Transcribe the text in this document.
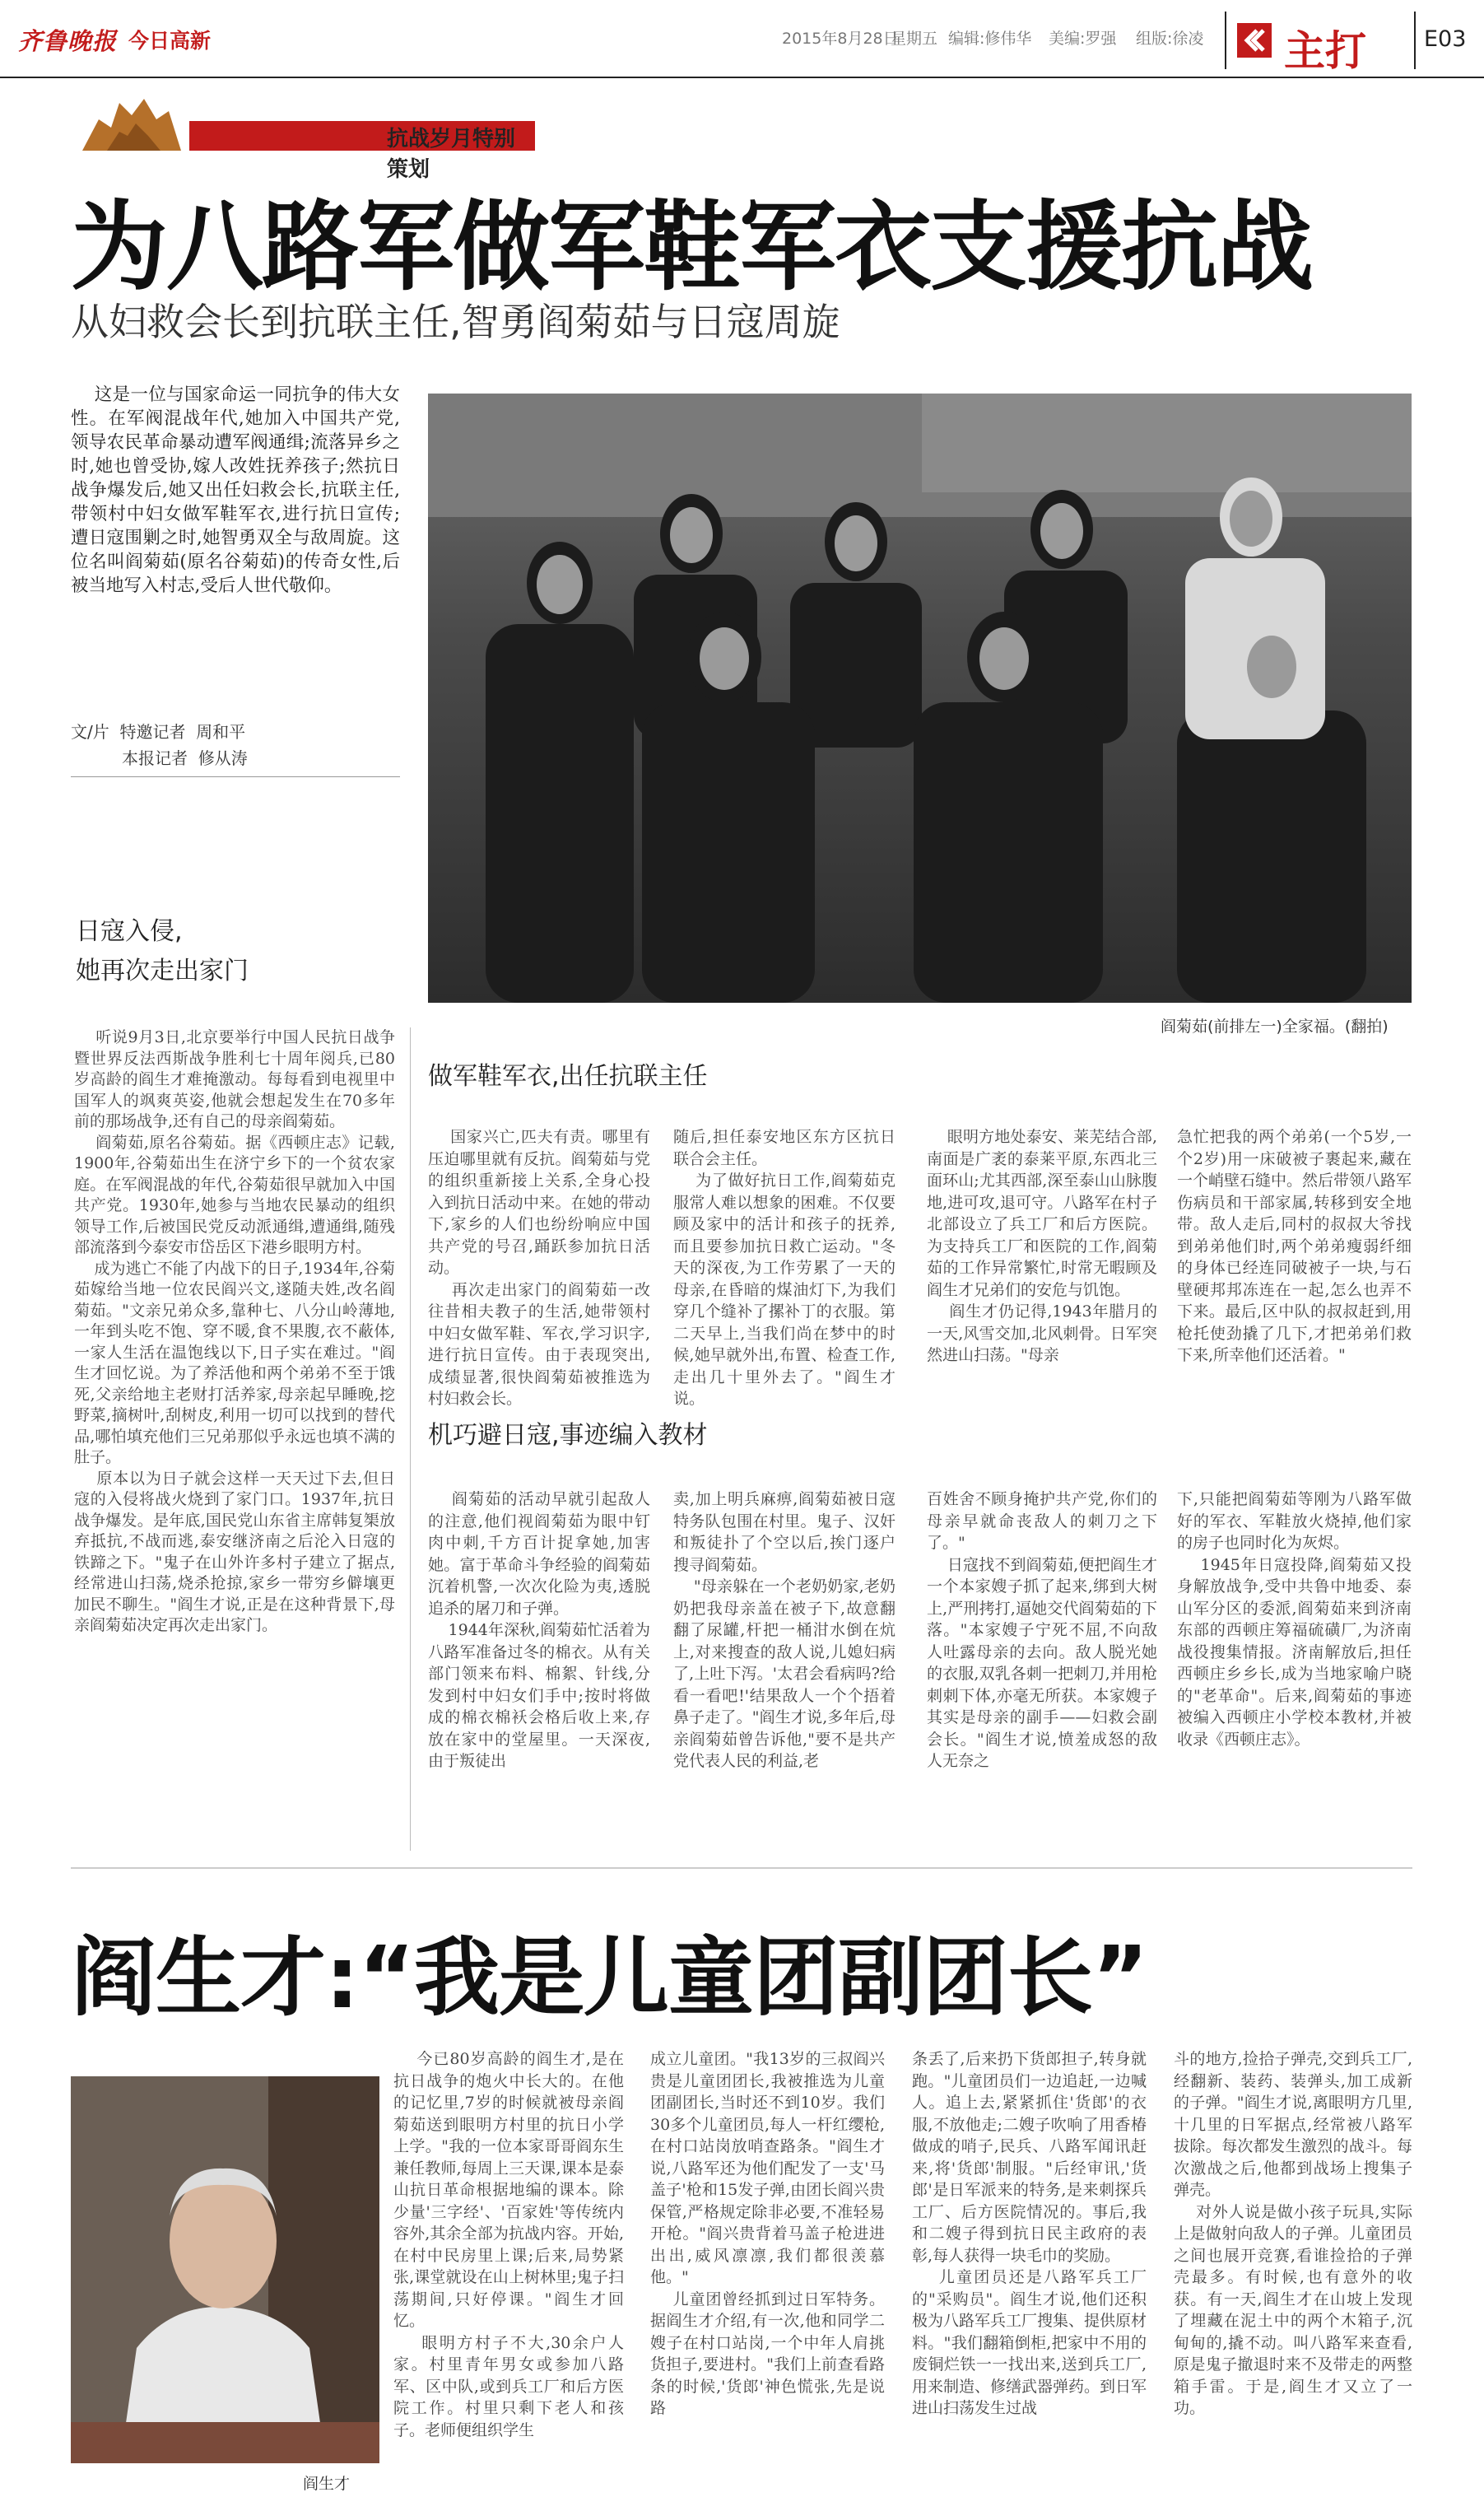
齐鲁晚报 今日高新	2015年8月28日
星期五 编辑:修伟华 美编:罗强 组版:徐凌 主打	E03
抗战岁月特别策划
为八路军做军鞋军衣支援抗战
从妇救会长到抗联主任,智勇阎菊茹与日寇周旋
这是一位与国家命运一同抗争的伟大女性。在军阀混战年代,她加入中国共产党,领导农民革命暴动遭军阀通缉;流落异乡之时,她也曾受协,嫁人改姓抚养孩子;然抗日战争爆发后,她又出任妇救会长,抗联主任,带领村中妇女做军鞋军衣,进行抗日宣传;遭日寇围剿之时,她智勇双全与敌周旋。这位名叫阎菊茹(原名谷菊茹)的传奇女性,后被当地写入村志,受后人世代敬仰。
文/片  特邀记者  周和平
本报记者  修从涛
阎菊茹(前排左一)全家福。(翻拍)
日寇入侵,
她再次走出家门
听说9月3日,北京要举行中国人民抗日战争暨世界反法西斯战争胜利七十周年阅兵,已80岁高龄的阎生才难掩激动。每每看到电视里中国军人的飒爽英姿,他就会想起发生在70多年前的那场战争,还有自己的母亲阎菊茹。
阎菊茹,原名谷菊茹。据《西顿庄志》记载,1900年,谷菊茹出生在济宁乡下的一个贫农家庭。在军阀混战的年代,谷菊茹很早就加入中国共产党。1930年,她参与当地农民暴动的组织领导工作,后被国民党反动派通缉,遭通缉,随残部流落到今泰安市岱岳区下港乡眼明方村。
成为逃亡不能了内战下的日子,1934年,谷菊茹嫁给当地一位农民阎兴文,遂随夫姓,改名阎菊茹。"文亲兄弟众多,靠种七、八分山岭薄地,一年到头吃不饱、穿不暖,食不果腹,衣不蔽体,一家人生活在温饱线以下,日子实在难过。"阎生才回忆说。为了养活他和两个弟弟不至于饿死,父亲给地主老财打活养家,母亲起早睡晚,挖野菜,摘树叶,刮树皮,利用一切可以找到的替代品,哪怕填充他们三兄弟那似乎永远也填不满的肚子。
原本以为日子就会这样一天天过下去,但日寇的入侵将战火烧到了家门口。1937年,抗日战争爆发。是年底,国民党山东省主席韩复榘放弃抵抗,不战而逃,泰安继济南之后沦入日寇的铁蹄之下。"鬼子在山外许多村子建立了据点,经常进山扫荡,烧杀抢掠,家乡一带穷乡僻壤更加民不聊生。"阎生才说,正是在这种背景下,母亲阎菊茹决定再次走出家门。
做军鞋军衣,出任抗联主任
国家兴亡,匹夫有责。哪里有压迫哪里就有反抗。阎菊茹与党的组织重新接上关系,全身心投入到抗日活动中来。在她的带动下,家乡的人们也纷纷响应中国共产党的号召,踊跃参加抗日活动。
再次走出家门的阎菊茹一改往昔相夫教子的生活,她带领村中妇女做军鞋、军衣,学习识字,进行抗日宣传。由于表现突出,成绩显著,很快阎菊茹被推选为村妇救会长。
随后,担任泰安地区东方区抗日联合会主任。
为了做好抗日工作,阎菊茹克服常人难以想象的困难。不仅要顾及家中的活计和孩子的抚养,而且要参加抗日救亡运动。"冬天的深夜,为工作劳累了一天的母亲,在昏暗的煤油灯下,为我们穿几个缝补了摞补丁的衣服。第二天早上,当我们尚在梦中的时候,她早就外出,布置、检查工作,走出几十里外去了。"阎生才说。
眼明方地处泰安、莱芜结合部,南面是广袤的泰莱平原,东西北三面环山;尤其西部,深至泰山山脉腹地,进可攻,退可守。八路军在村子北部设立了兵工厂和后方医院。为支持兵工厂和医院的工作,阎菊茹的工作异常繁忙,时常无暇顾及阎生才兄弟们的安危与饥饱。
阎生才仍记得,1943年腊月的一天,风雪交加,北风刺骨。日军突然进山扫荡。"母亲
急忙把我的两个弟弟(一个5岁,一个2岁)用一床破被子裹起来,藏在一个峭壁石缝中。然后带领八路军伤病员和干部家属,转移到安全地带。敌人走后,同村的叔叔大爷找到弟弟他们时,两个弟弟瘦弱纤细的身体已经连同破被子一块,与石壁硬邦邦冻连在一起,怎么也弄不下来。最后,区中队的叔叔赶到,用枪托使劲撬了几下,才把弟弟们救下来,所幸他们还活着。"
机巧避日寇,事迹编入教材
阎菊茹的活动早就引起敌人的注意,他们视阎菊茹为眼中钉肉中刺,千方百计捉拿她,加害她。富于革命斗争经验的阎菊茹沉着机警,一次次化险为夷,透脱追杀的屠刀和子弹。
1944年深秋,阎菊茹忙活着为八路军准备过冬的棉衣。从有关部门领来布料、棉絮、针线,分发到村中妇女们手中;按时将做成的棉衣棉袄会格后收上来,存放在家中的堂屋里。一天深夜,由于叛徒出
卖,加上明兵麻痹,阎菊茹被日寇特务队包围在村里。鬼子、汉奸和叛徒扑了个空以后,挨门逐户搜寻阎菊茹。
"母亲躲在一个老奶奶家,老奶奶把我母亲盖在被子下,故意翻翻了尿罐,杆把一桶泔水倒在炕上,对来搜查的敌人说,儿媳妇病了,上吐下泻。'太君会看病吗?给看一看吧!'结果敌人一个个捂着鼻子走了。"阎生才说,多年后,母亲阎菊茹曾告诉他,"要不是共产党代表人民的利益,老
百姓舍不顾身掩护共产党,你们的母亲早就命丧敌人的刺刀之下了。"
日寇找不到阎菊茹,便把阎生才一个本家嫂子抓了起来,绑到大树上,严刑拷打,逼她交代阎菊茹的下落。"本家嫂子宁死不屈,不向敌人吐露母亲的去向。敌人脱光她的衣服,双乳各刺一把刺刀,并用枪刺刺下体,亦毫无所获。本家嫂子其实是母亲的副手——妇救会副会长。"阎生才说,愤羞成怒的敌人无奈之
下,只能把阎菊茹等刚为八路军做好的军衣、军鞋放火烧掉,他们家的房子也同时化为灰烬。
1945年日寇投降,阎菊茹又投身解放战争,受中共鲁中地委、泰山军分区的委派,阎菊茹来到济南东部的西顿庄筹福硫磺厂,为济南战役搜集情报。济南解放后,担任西顿庄乡乡长,成为当地家喻户晓的"老革命"。后来,阎菊茹的事迹被编入西顿庄小学校本教材,并被收录《西顿庄志》。
阎生才:“我是儿童团副团长”
阎生才
今已80岁高龄的阎生才,是在抗日战争的炮火中长大的。在他的记忆里,7岁的时候就被母亲阎菊茹送到眼明方村里的抗日小学上学。"我的一位本家哥哥阎东生兼任教师,每周上三天课,课本是泰山抗日革命根据地编的课本。除少量'三字经'、'百家姓'等传统内容外,其余全部为抗战内容。开始,在村中民房里上课;后来,局势紧张,课堂就设在山上树林里;鬼子扫荡期间,只好停课。"阎生才回忆。
眼明方村子不大,30余户人家。村里青年男女或参加八路军、区中队,或到兵工厂和后方医院工作。村里只剩下老人和孩子。老师便组织学生
成立儿童团。"我13岁的三叔阎兴贵是儿童团团长,我被推选为儿童团副团长,当时还不到10岁。我们30多个儿童团员,每人一杆红缨枪,在村口站岗放哨查路条。"阎生才说,八路军还为他们配发了一支'马盖子'枪和15发子弹,由团长阎兴贵保管,严格规定除非必要,不准轻易开枪。"阎兴贵背着马盖子枪进进出出,威风凛凛,我们都很羡慕他。"
儿童团曾经抓到过日军特务。据阎生才介绍,有一次,他和同学二嫂子在村口站岗,一个中年人肩挑货担子,要进村。"我们上前查看路条的时候,'货郎'神色慌张,先是说路
条丢了,后来扔下货郎担子,转身就跑。"儿童团员们一边追赶,一边喊人。追上去,紧紧抓住'货郎'的衣服,不放他走;二嫂子吹响了用香椿做成的哨子,民兵、八路军闻讯赶来,将'货郎'制服。"后经审讯,'货郎'是日军派来的特务,是来刺探兵工厂、后方医院情况的。事后,我和二嫂子得到抗日民主政府的表彰,每人获得一块毛巾的奖励。
儿童团员还是八路军兵工厂的"采购员"。阎生才说,他们还积极为八路军兵工厂搜集、提供原材料。"我们翻箱倒柜,把家中不用的废铜烂铁一一找出来,送到兵工厂,用来制造、修缮武器弹药。到日军进山扫荡发生过战
斗的地方,捡拾子弹壳,交到兵工厂,经翻新、装药、装弹头,加工成新的子弹。"阎生才说,离眼明方几里,十几里的日军据点,经常被八路军拔除。每次都发生激烈的战斗。每次激战之后,他都到战场上搜集子弹壳。
对外人说是做小孩子玩具,实际上是做射向敌人的子弹。儿童团员之间也展开竞赛,看谁捡拾的子弹壳最多。有时候,也有意外的收获。有一天,阎生才在山坡上发现了埋藏在泥土中的两个木箱子,沉甸甸的,撬不动。叫八路军来查看,原是鬼子撤退时来不及带走的两整箱手雷。于是,阎生才又立了一功。
